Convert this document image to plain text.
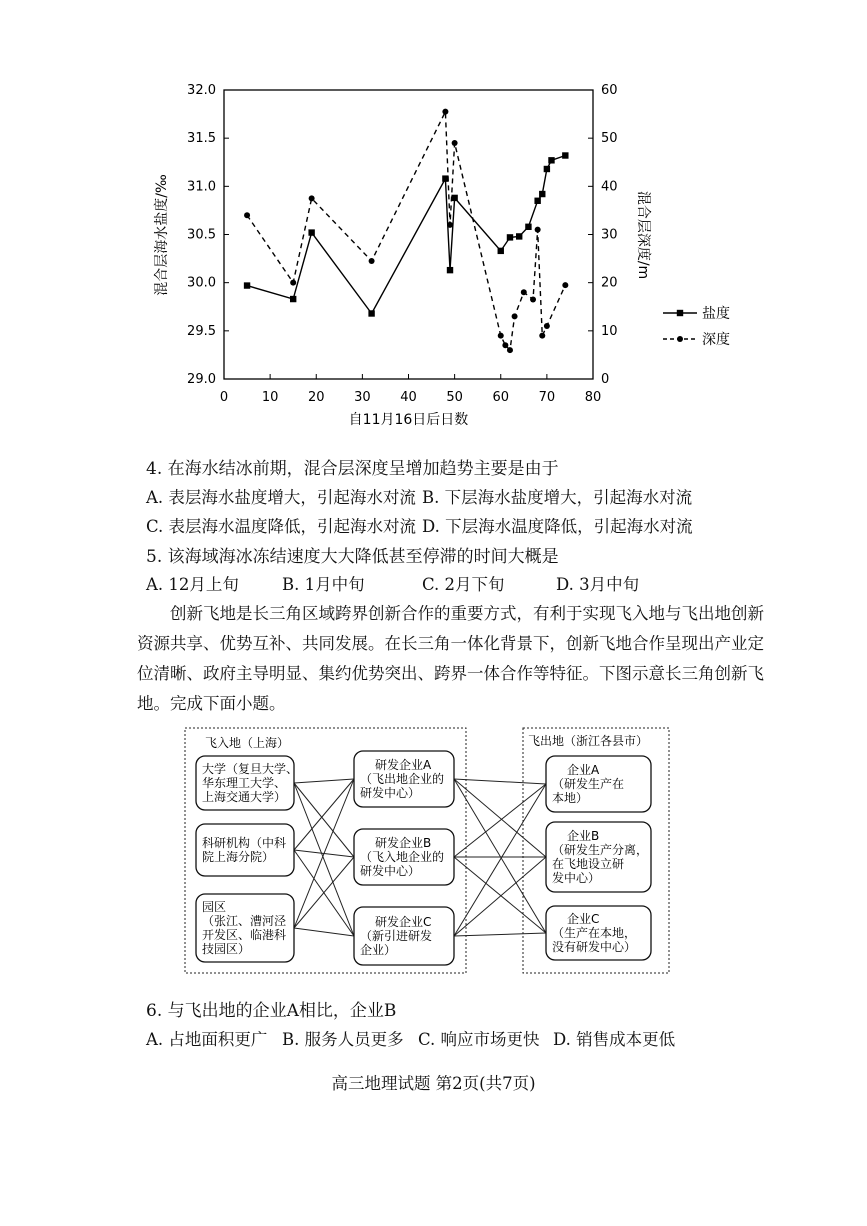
0	10 20 30 40 50 60 70 80
29.0
29.5
30.0
30.5
31.0
31.5
32.0
0
10
20
30
40
50
60
自11月16日后日数
混合层海水盐度/‰	混合层深度/m
盐度
深度
4. 在海水结冰前期，混合层深度呈增加趋势主要是由于
A. 表层海水盐度增大，引起海水对流 B. 下层海水盐度增大，引起海水对流
C. 表层海水温度降低，引起海水对流 D. 下层海水温度降低，引起海水对流
5. 该海域海冰冻结速度大大降低甚至停滞的时间大概是
A. 12月上旬	B. 1月中旬	C. 2月下旬	D. 3月中旬
创新飞地是长三角区域跨界创新合作的重要方式，有利于实现飞入地与飞出地创新资源共享、优势互补、共同发展。在长三角一体化背景下，创新飞地合作呈现出产业定位清晰、政府主导明显、集约优势突出、跨界一体合作等特征。下图示意长三角创新飞地。完成下面小题。
飞入地（上海）	飞出地（浙江各县市）
大学（复旦大学、
华东理工大学、
上海交通大学）
科研机构（中科
院上海分院）
园区
（张江、漕河泾
开发区、临港科
技园区）
研发企业A
（飞出地企业的
研发中心）
研发企业B
（飞入地企业的
研发中心）
研发企业C
（新引进研发
企业）
企业A
（研发生产在
本地）
企业B
（研发生产分离，
在飞地设立研
发中心）
企业C
（生产在本地，
没有研发中心）
6. 与飞出地的企业A相比，企业B
A. 占地面积更广 B. 服务人员更多 C. 响应市场更快 D. 销售成本更低
高三地理试题 第2页(共7页)
